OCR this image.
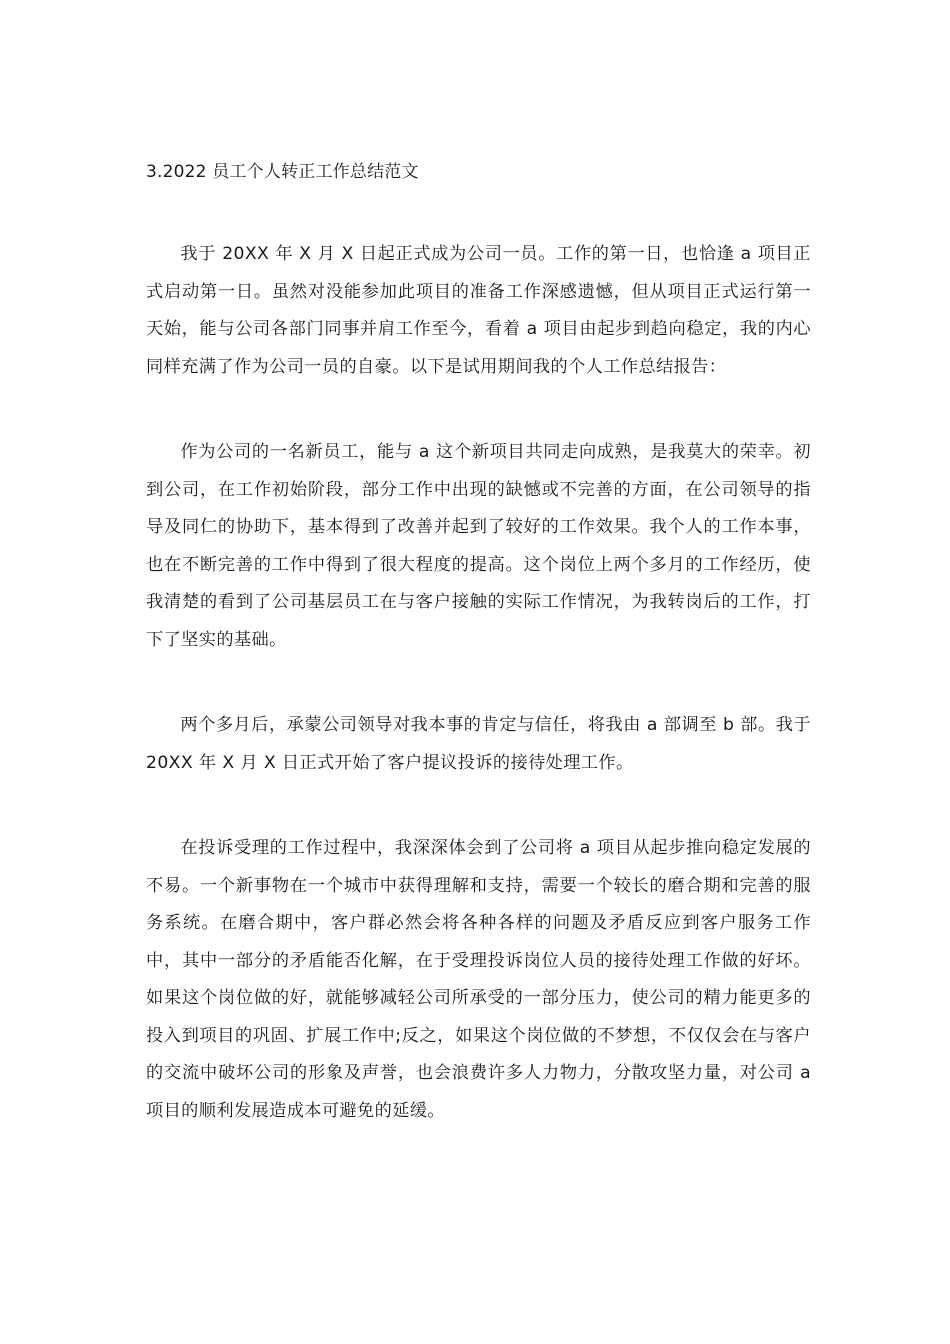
3.2022 员工个人转正工作总结范文

我于 20XX 年 X 月 X 日起正式成为公司一员。工作的第一日，也恰逢 a 项目正式启动第一日。虽然对没能参加此项目的准备工作深感遗憾，但从项目正式运行第一天始，能与公司各部门同事并肩工作至今，看着 a 项目由起步到趋向稳定，我的内心同样充满了作为公司一员的自豪。以下是试用期间我的个人工作总结报告：

作为公司的一名新员工，能与 a 这个新项目共同走向成熟，是我莫大的荣幸。初到公司，在工作初始阶段，部分工作中出现的缺憾或不完善的方面，在公司领导的指导及同仁的协助下，基本得到了改善并起到了较好的工作效果。我个人的工作本事，也在不断完善的工作中得到了很大程度的提高。这个岗位上两个多月的工作经历，使我清楚的看到了公司基层员工在与客户接触的实际工作情况，为我转岗后的工作，打下了坚实的基础。

两个多月后，承蒙公司领导对我本事的肯定与信任，将我由 a 部调至 b 部。我于 20XX 年 X 月 X 日正式开始了客户提议投诉的接待处理工作。

在投诉受理的工作过程中，我深深体会到了公司将 a 项目从起步推向稳定发展的不易。一个新事物在一个城市中获得理解和支持，需要一个较长的磨合期和完善的服务系统。在磨合期中，客户群必然会将各种各样的问题及矛盾反应到客户服务工作中，其中一部分的矛盾能否化解，在于受理投诉岗位人员的接待处理工作做的好坏。如果这个岗位做的好，就能够减轻公司所承受的一部分压力，使公司的精力能更多的投入到项目的巩固、扩展工作中;反之，如果这个岗位做的不梦想，不仅仅会在与客户的交流中破坏公司的形象及声誉，也会浪费许多人力物力，分散攻坚力量，对公司 a 项目的顺利发展造成本可避免的延缓。
